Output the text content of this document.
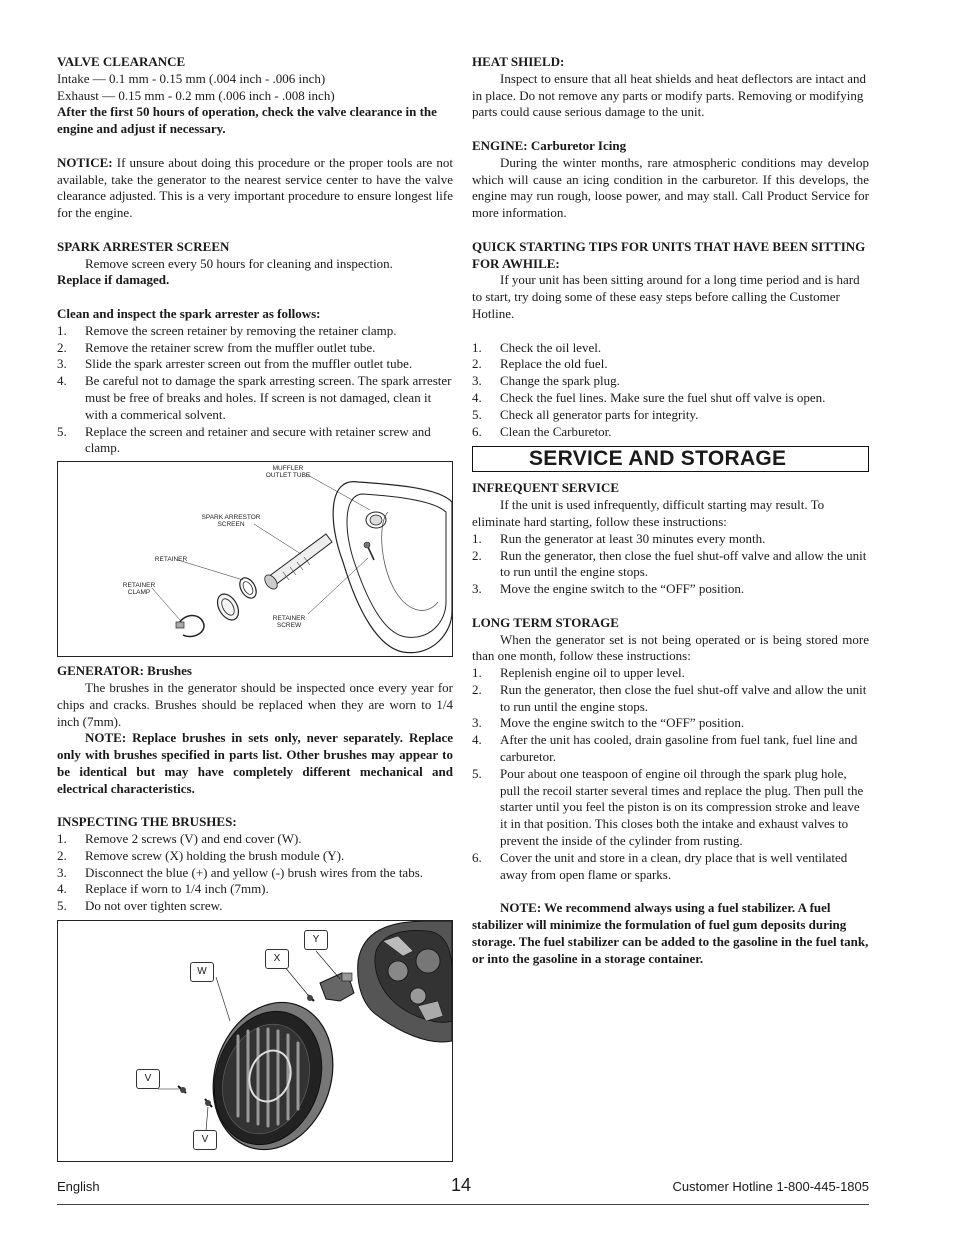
VALVE CLEARANCE

Intake — 0.1 mm - 0.15 mm (.004 inch - .006 inch)

Exhaust — 0.15 mm - 0.2 mm (.006 inch - .008 inch)

After the first 50 hours of operation, check the valve clearance in the engine and adjust if necessary.

NOTICE: If unsure about doing this procedure or the proper tools are not available, take the generator to the nearest service center to have the valve clearance adjusted. This is a very important procedure to ensure longest life for the engine.

SPARK ARRESTER SCREEN

Remove screen every 50 hours for cleaning and inspection.

Replace if damaged.

Clean and inspect the spark arrester as follows:

1. Remove the screen retainer by removing the retainer clamp.
2. Remove the retainer screw from the muffler outlet tube.
3. Slide the spark arrester screen out from the muffler outlet tube.
4. Be careful not to damage the spark arresting screen. The spark arrester must be free of breaks and holes. If screen is not damaged, clean it with a commerical solvent.
5. Replace the screen and retainer and secure with retainer screw and clamp.
MUFFLER
OUTLET TUBE
SPARK ARRESTOR
SCREEN
RETAINER
RETAINER
CLAMP
RETAINER
SCREW

GENERATOR: Brushes

The brushes in the generator should be inspected once every year for chips and cracks. Brushes should be replaced when they are worn to 1/4 inch (7mm).

NOTE: Replace brushes in sets only, never separately. Replace only with brushes specified in parts list. Other brushes may appear to be identical but may have completely different mechanical and electrical characteristics.

INSPECTING THE BRUSHES:

1. Remove 2 screws (V) and end cover (W).
2. Remove screw (X) holding the brush module (Y).
3. Disconnect the blue (+) and yellow (-) brush wires from the tabs.
4. Replace if worn to 1/4 inch (7mm).
5. Do not over tighten screw.
W
X
Y
V
V

HEAT SHIELD:

Inspect to ensure that all heat shields and heat deflectors are intact and in place. Do not remove any parts or modify parts. Removing or modifying parts could cause serious damage to the unit.

ENGINE: Carburetor Icing

During the winter months, rare atmospheric conditions may develop which will cause an icing condition in the carburetor. If this develops, the engine may run rough, loose power, and may stall. Call Product Service for more information.

QUICK STARTING TIPS FOR UNITS THAT HAVE BEEN SITTING FOR AWHILE:

If your unit has been sitting around for a long time period and is hard to start, try doing some of these easy steps before calling the Customer Hotline.

1. Check the oil level.
2. Replace the old fuel.
3. Change the spark plug.
4. Check the fuel lines. Make sure the fuel shut off valve is open.
5. Check all generator parts for integrity.
6. Clean the Carburetor.
SERVICE AND STORAGE

INFREQUENT SERVICE

If the unit is used infrequently, difficult starting may result. To eliminate hard starting, follow these instructions:

1. Run the generator at least 30 minutes every month.
2. Run the generator, then close the fuel shut-off valve and allow the unit to run until the engine stops.
3. Move the engine switch to the “OFF” position.

LONG TERM STORAGE

When the generator set is not being operated or is being stored more than one month, follow these instructions:

1. Replenish engine oil to upper level.
2. Run the generator, then close the fuel shut-off valve and allow the unit to run until the engine stops.
3. Move the engine switch to the “OFF” position.
4. After the unit has cooled, drain gasoline from fuel tank, fuel line and carburetor.
5. Pour about one teaspoon of engine oil through the spark plug hole, pull the recoil starter several times and replace the plug. Then pull the starter until you feel the piston is on its compression stroke and leave it in that position. This closes both the intake and exhaust valves to prevent the inside of the cylinder from rusting.
6. Cover the unit and store in a clean, dry place that is well ventilated away from open flame or sparks.

NOTE: We recommend always using a fuel stabilizer. A fuel stabilizer will minimize the formulation of fuel gum deposits during storage. The fuel stabilizer can be added to the gasoline in the fuel tank, or into the gasoline in a storage container.

English	14	Customer Hotline 1-800-445-1805
